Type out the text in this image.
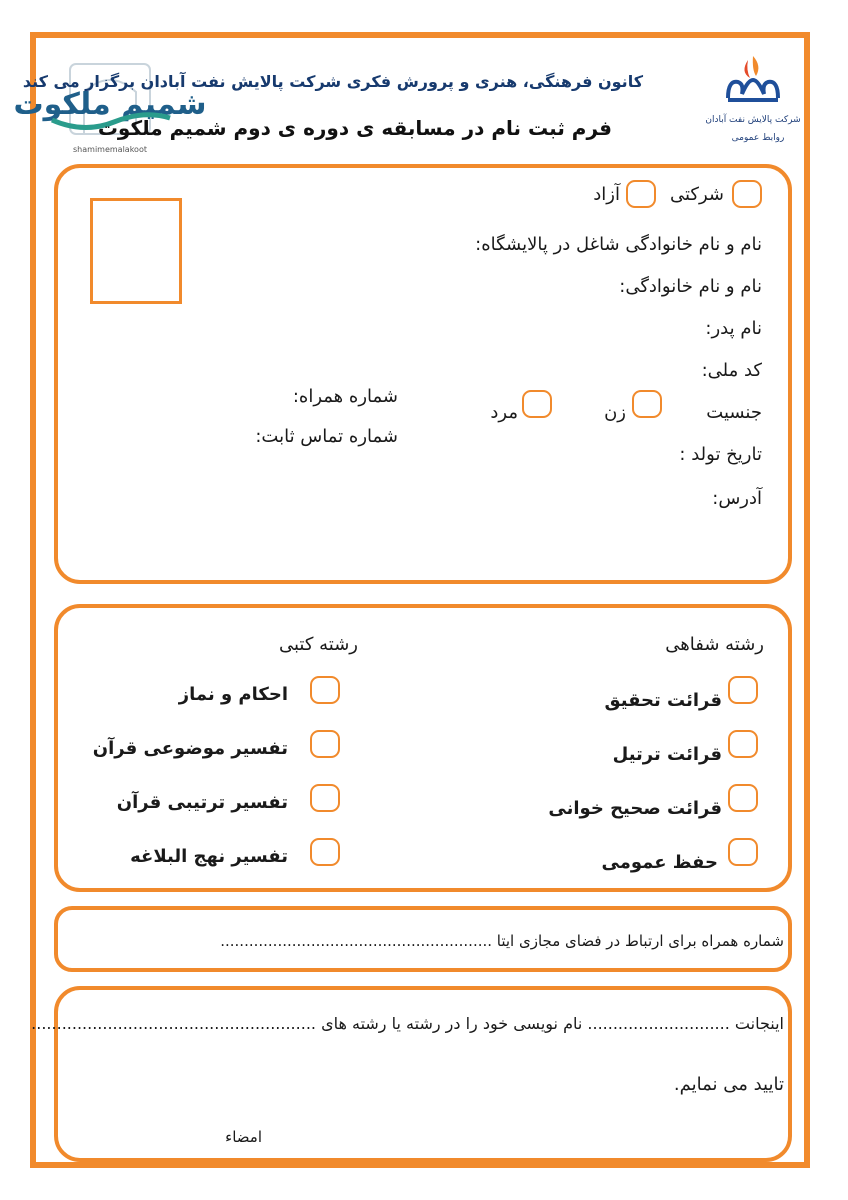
شمیم ملکوت
shamimemalakoot
شرکت پالایش نفت آبادان
روابط عمومی
کانون فرهنگی، هنری و پرورش فکری شرکت پالایش نفت آبادان برگزار می کند
فرم ثبت نام در مسابقه ی دوره ی دوم شمیم ملکوت
شرکتی
آزاد
نام و نام خانوادگی شاغل در پالایشگاه:
نام و نام خانوادگی:
نام پدر:
کد ملی:
جنسیت
زن
مرد
تاریخ تولد :
آدرس:
شماره همراه:
شماره تماس ثابت:
رشته شفاهی
رشته کتبی
قرائت تحقیق
قرائت ترتیل
قرائت صحیح خوانی
حفظ عمومی
احکام و نماز
تفسیر موضوعی قرآن
تفسیر ترتیبی قرآن
تفسیر نهج البلاغه
شماره همراه برای ارتباط در فضای مجازی ایتا .........................................................
اینجانت ............................ نام نویسی خود را در رشته یا رشته های ........................................................
تایید می نمایم.
امضاء
